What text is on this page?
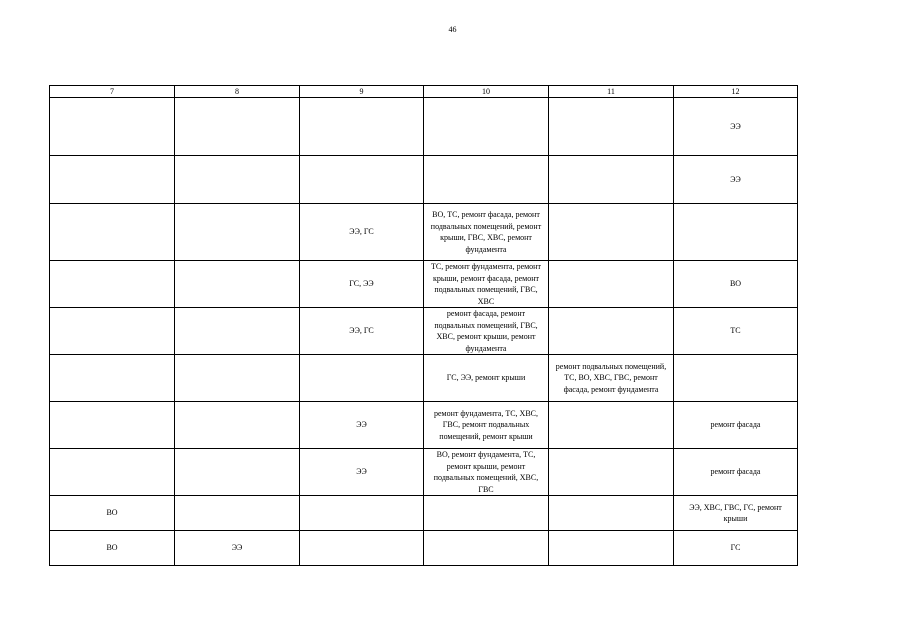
46
7	8	9	10	11	12
					ЭЭ
					ЭЭ
		ЭЭ, ГС	ВО, ТС, ремонт фасада, ремонт подвальных помещений, ремонт крыши, ГВС, ХВС, ремонт фундамента		
		ГС, ЭЭ	ТС, ремонт фундамента, ремонт крыши, ремонт фасада, ремонт подвальных помещений, ГВС, ХВС		ВО
		ЭЭ, ГС	ремонт фасада, ремонт подвальных помещений, ГВС, ХВС, ремонт крыши, ремонт фундамента		ТС
			ГС, ЭЭ, ремонт крыши	ремонт подвальных помещений, ТС, ВО, ХВС, ГВС, ремонт фасада, ремонт фундамента	
		ЭЭ	ремонт фундамента, ТС, ХВС, ГВС, ремонт подвальных помещений, ремонт крыши		ремонт фасада
		ЭЭ	ВО, ремонт фундамента, ТС, ремонт крыши, ремонт подвальных помещений, ХВС, ГВС		ремонт фасада
ВО					ЭЭ, ХВС, ГВС, ГС, ремонт крыши
ВО	ЭЭ				ГС
